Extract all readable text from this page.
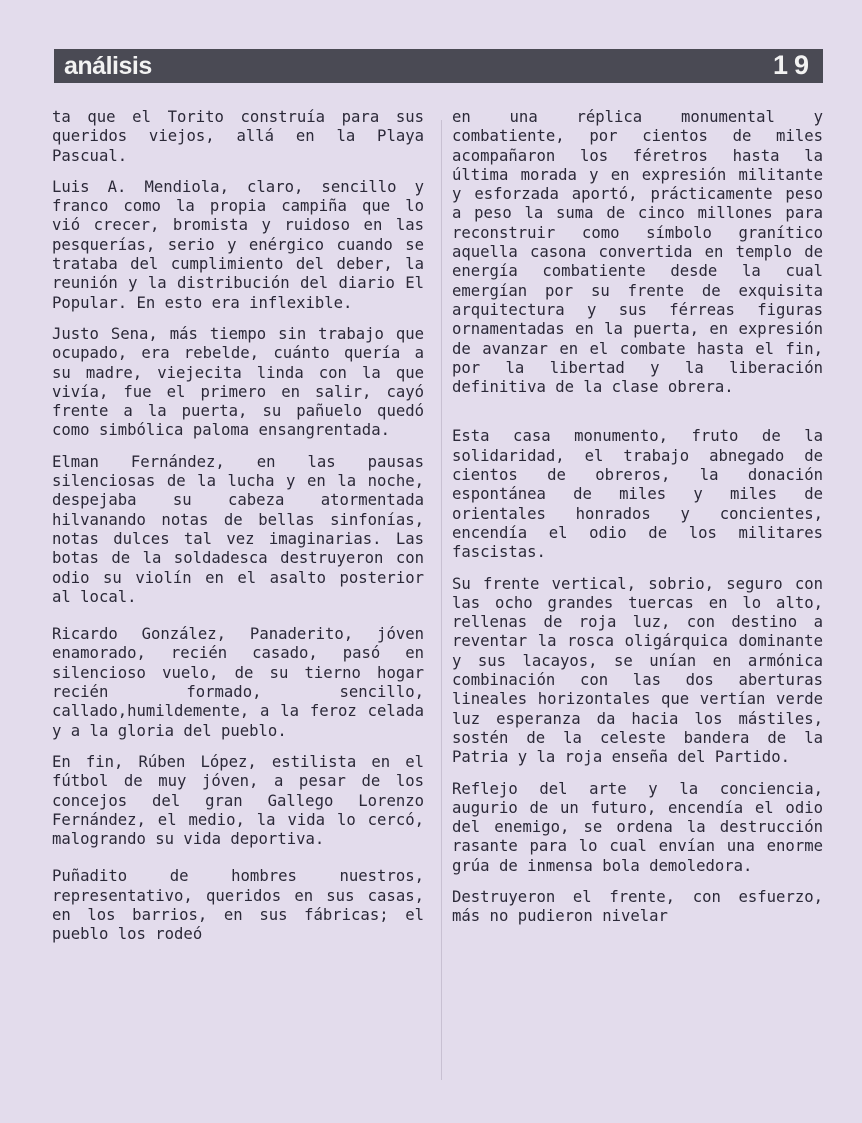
análisis	19

ta que el Torito construía para sus queridos viejos, allá en la Playa Pascual.

Luis A. Mendiola, claro, sencillo y franco como la propia campiña que lo vió crecer, bromista y ruidoso en las pesquerías, serio y enérgico cuando se trataba del cumplimiento del deber, la reunión y la distribución del diario El Popular. En esto era inflexible.

Justo Sena, más tiempo sin trabajo que ocupado, era rebelde, cuánto quería a su madre, viejecita linda con la que vivía, fue el primero en salir, cayó frente a la puerta, su pañuelo quedó como simbólica paloma ensangrentada.

Elman Fernández, en las pausas silenciosas de la lucha y en la noche, despejaba su cabeza atormentada hilvanando notas de bellas sinfonías, notas dulces tal vez imaginarias. Las botas de la soldadesca destruyeron con odio su violín en el asalto posterior al local.

Ricardo González, Panaderito, jóven enamorado, recién casado, pasó en silencioso vuelo, de su tierno hogar recién formado, sencillo, callado,humildemente, a la feroz celada y a la gloria del pueblo.

En fin, Rúben López, estilista en el fútbol de muy jóven, a pesar de los concejos del gran Gallego Lorenzo Fernández, el medio, la vida lo cercó, malogrando su vida deportiva.

Puñadito de hombres nuestros, representativo, queridos en sus casas, en los barrios, en sus fábricas; el pueblo los rodeó

en una réplica monumental y combatiente, por cientos de miles acompañaron los féretros hasta la última morada y en expresión militante y esforzada aportó, prácticamente peso a peso la suma de cinco millones para reconstruir como símbolo granítico aquella casona convertida en templo de energía combatiente desde la cual emergían por su frente de exquisita arquitectura y sus férreas figuras ornamentadas en la puerta, en expresión de avanzar en el combate hasta el fin, por la libertad y la liberación definitiva de la clase obrera.

Esta casa monumento, fruto de la solidaridad, el trabajo abnegado de cientos de obreros, la donación espontánea de miles y miles de orientales honrados y concientes, encendía el odio de los militares fascistas.

Su frente vertical, sobrio, seguro con las ocho grandes tuercas en lo alto, rellenas de roja luz, con destino a reventar la rosca oligárquica dominante y sus lacayos, se unían en armónica combinación con las dos aberturas lineales horizontales que vertían verde luz esperanza da hacia los mástiles, sostén de la celeste bandera de la Patria y la roja enseña del Partido.

Reflejo del arte y la conciencia, augurio de un futuro, encendía el odio del enemigo, se ordena la destrucción rasante para lo cual envían una enorme grúa de inmensa bola demoledora.

Destruyeron el frente, con esfuerzo, más no pudieron nivelar
